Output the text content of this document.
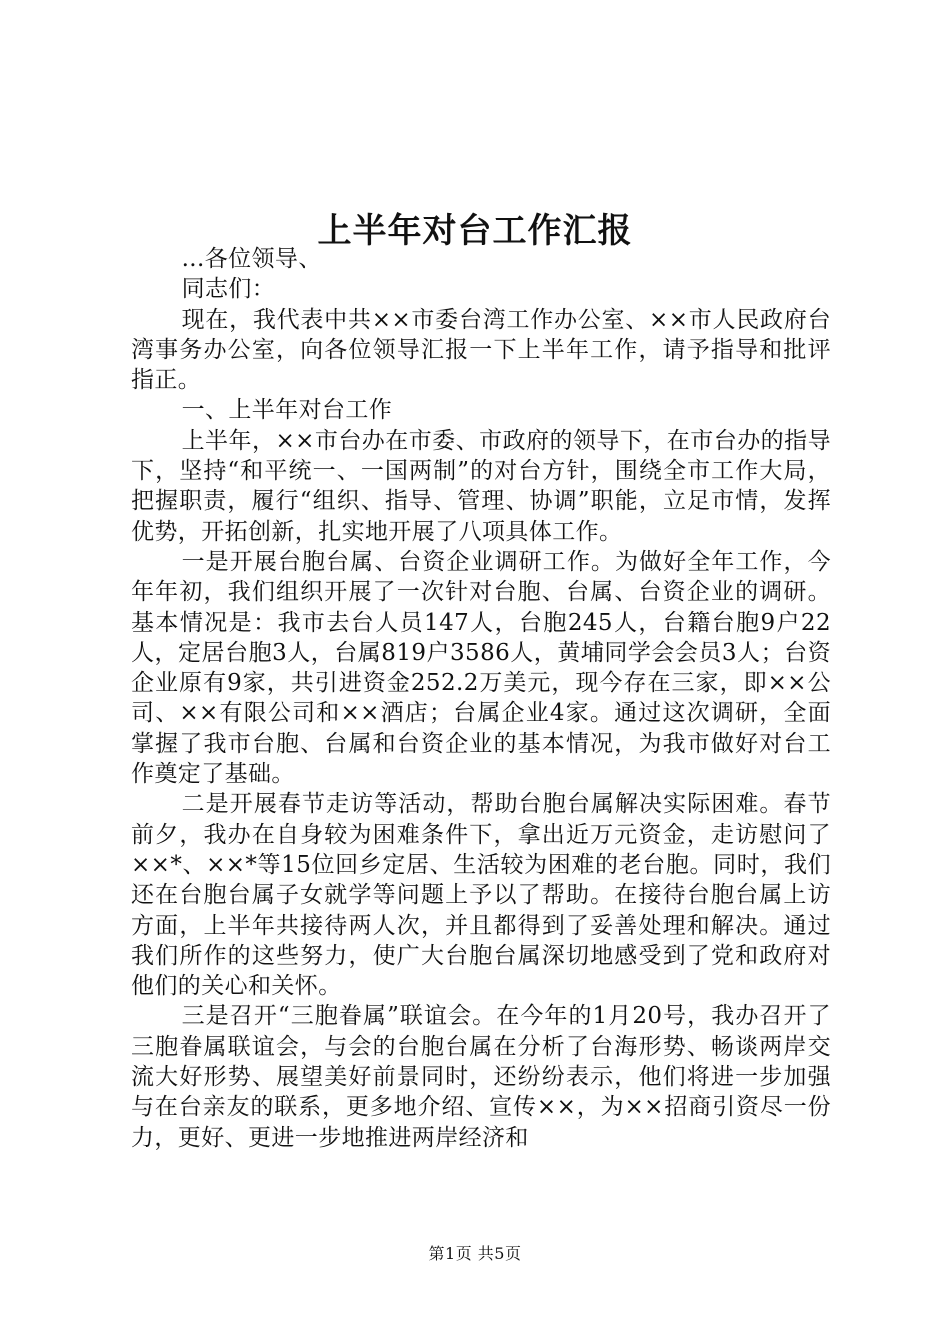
上半年对台工作汇报

...各位领导、

同志们：

现在，我代表中共××市委台湾工作办公室、××市人民政府台湾事务办公室，向各位领导汇报一下上半年工作，请予指导和批评指正。

一、上半年对台工作

上半年，××市台办在市委、市政府的领导下，在市台办的指导下，坚持“和平统一、一国两制”的对台方针，围绕全市工作大局，把握职责，履行“组织、指导、管理、协调”职能，立足市情，发挥优势，开拓创新，扎实地开展了八项具体工作。

一是开展台胞台属、台资企业调研工作。为做好全年工作，今年年初，我们组织开展了一次针对台胞、台属、台资企业的调研。基本情况是：我市去台人员147人，台胞245人，台籍台胞9户22人，定居台胞3人，台属819户3586人，黄埔同学会会员3人；台资企业原有9家，共引进资金252.2万美元，现今存在三家，即××公司、××有限公司和××酒店；台属企业4家。通过这次调研，全面掌握了我市台胞、台属和台资企业的基本情况，为我市做好对台工作奠定了基础。

二是开展春节走访等活动，帮助台胞台属解决实际困难。春节前夕，我办在自身较为困难条件下，拿出近万元资金，走访慰问了××*、××*等15位回乡定居、生活较为困难的老台胞。同时，我们还在台胞台属子女就学等问题上予以了帮助。在接待台胞台属上访方面，上半年共接待两人次，并且都得到了妥善处理和解决。通过我们所作的这些努力，使广大台胞台属深切地感受到了党和政府对他们的关心和关怀。

三是召开“三胞眷属”联谊会。在今年的1月20号，我办召开了三胞眷属联谊会，与会的台胞台属在分析了台海形势、畅谈两岸交流大好形势、展望美好前景同时，还纷纷表示，他们将进一步加强与在台亲友的联系，更多地介绍、宣传××，为××招商引资尽一份力，更好、更进一步地推进两岸经济和

第1页 共5页
